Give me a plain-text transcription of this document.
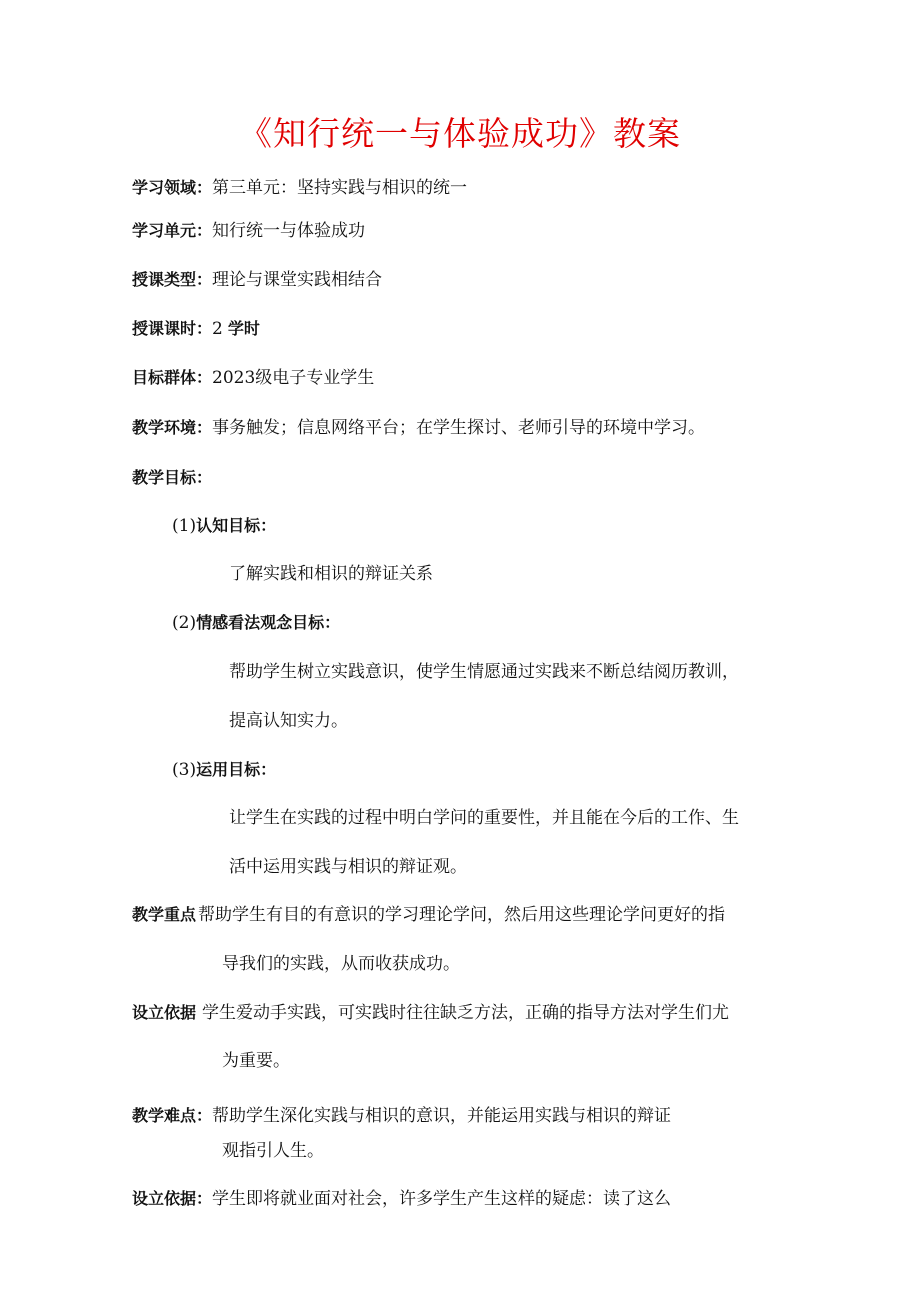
《知行统一与体验成功》教案
学习领域：第三单元：坚持实践与相识的统一
学习单元：知行统一与体验成功
授课类型：理论与课堂实践相结合
授课课时：2 学时
目标群体：2023级电子专业学生
教学环境：事务触发；信息网络平台；在学生探讨、老师引导的环境中学习。
教学目标：
(1)认知目标：
了解实践和相识的辩证关系
(2)情感看法观念目标：
帮助学生树立实践意识，使学生情愿通过实践来不断总结阅历教训，
提高认知实力。
(3)运用目标：
让学生在实践的过程中明白学问的重要性，并且能在今后的工作、生
活中运用实践与相识的辩证观。
教学重点 帮助学生有目的有意识的学习理论学问，然后用这些理论学问更好的指
导我们的实践，从而收获成功。
设立依据 学生爱动手实践，可实践时往往缺乏方法，正确的指导方法对学生们尤
为重要。
教学难点：帮助学生深化实践与相识的意识，并能运用实践与相识的辩证
观指引人生。
设立依据：学生即将就业面对社会，许多学生产生这样的疑虑：读了这么
